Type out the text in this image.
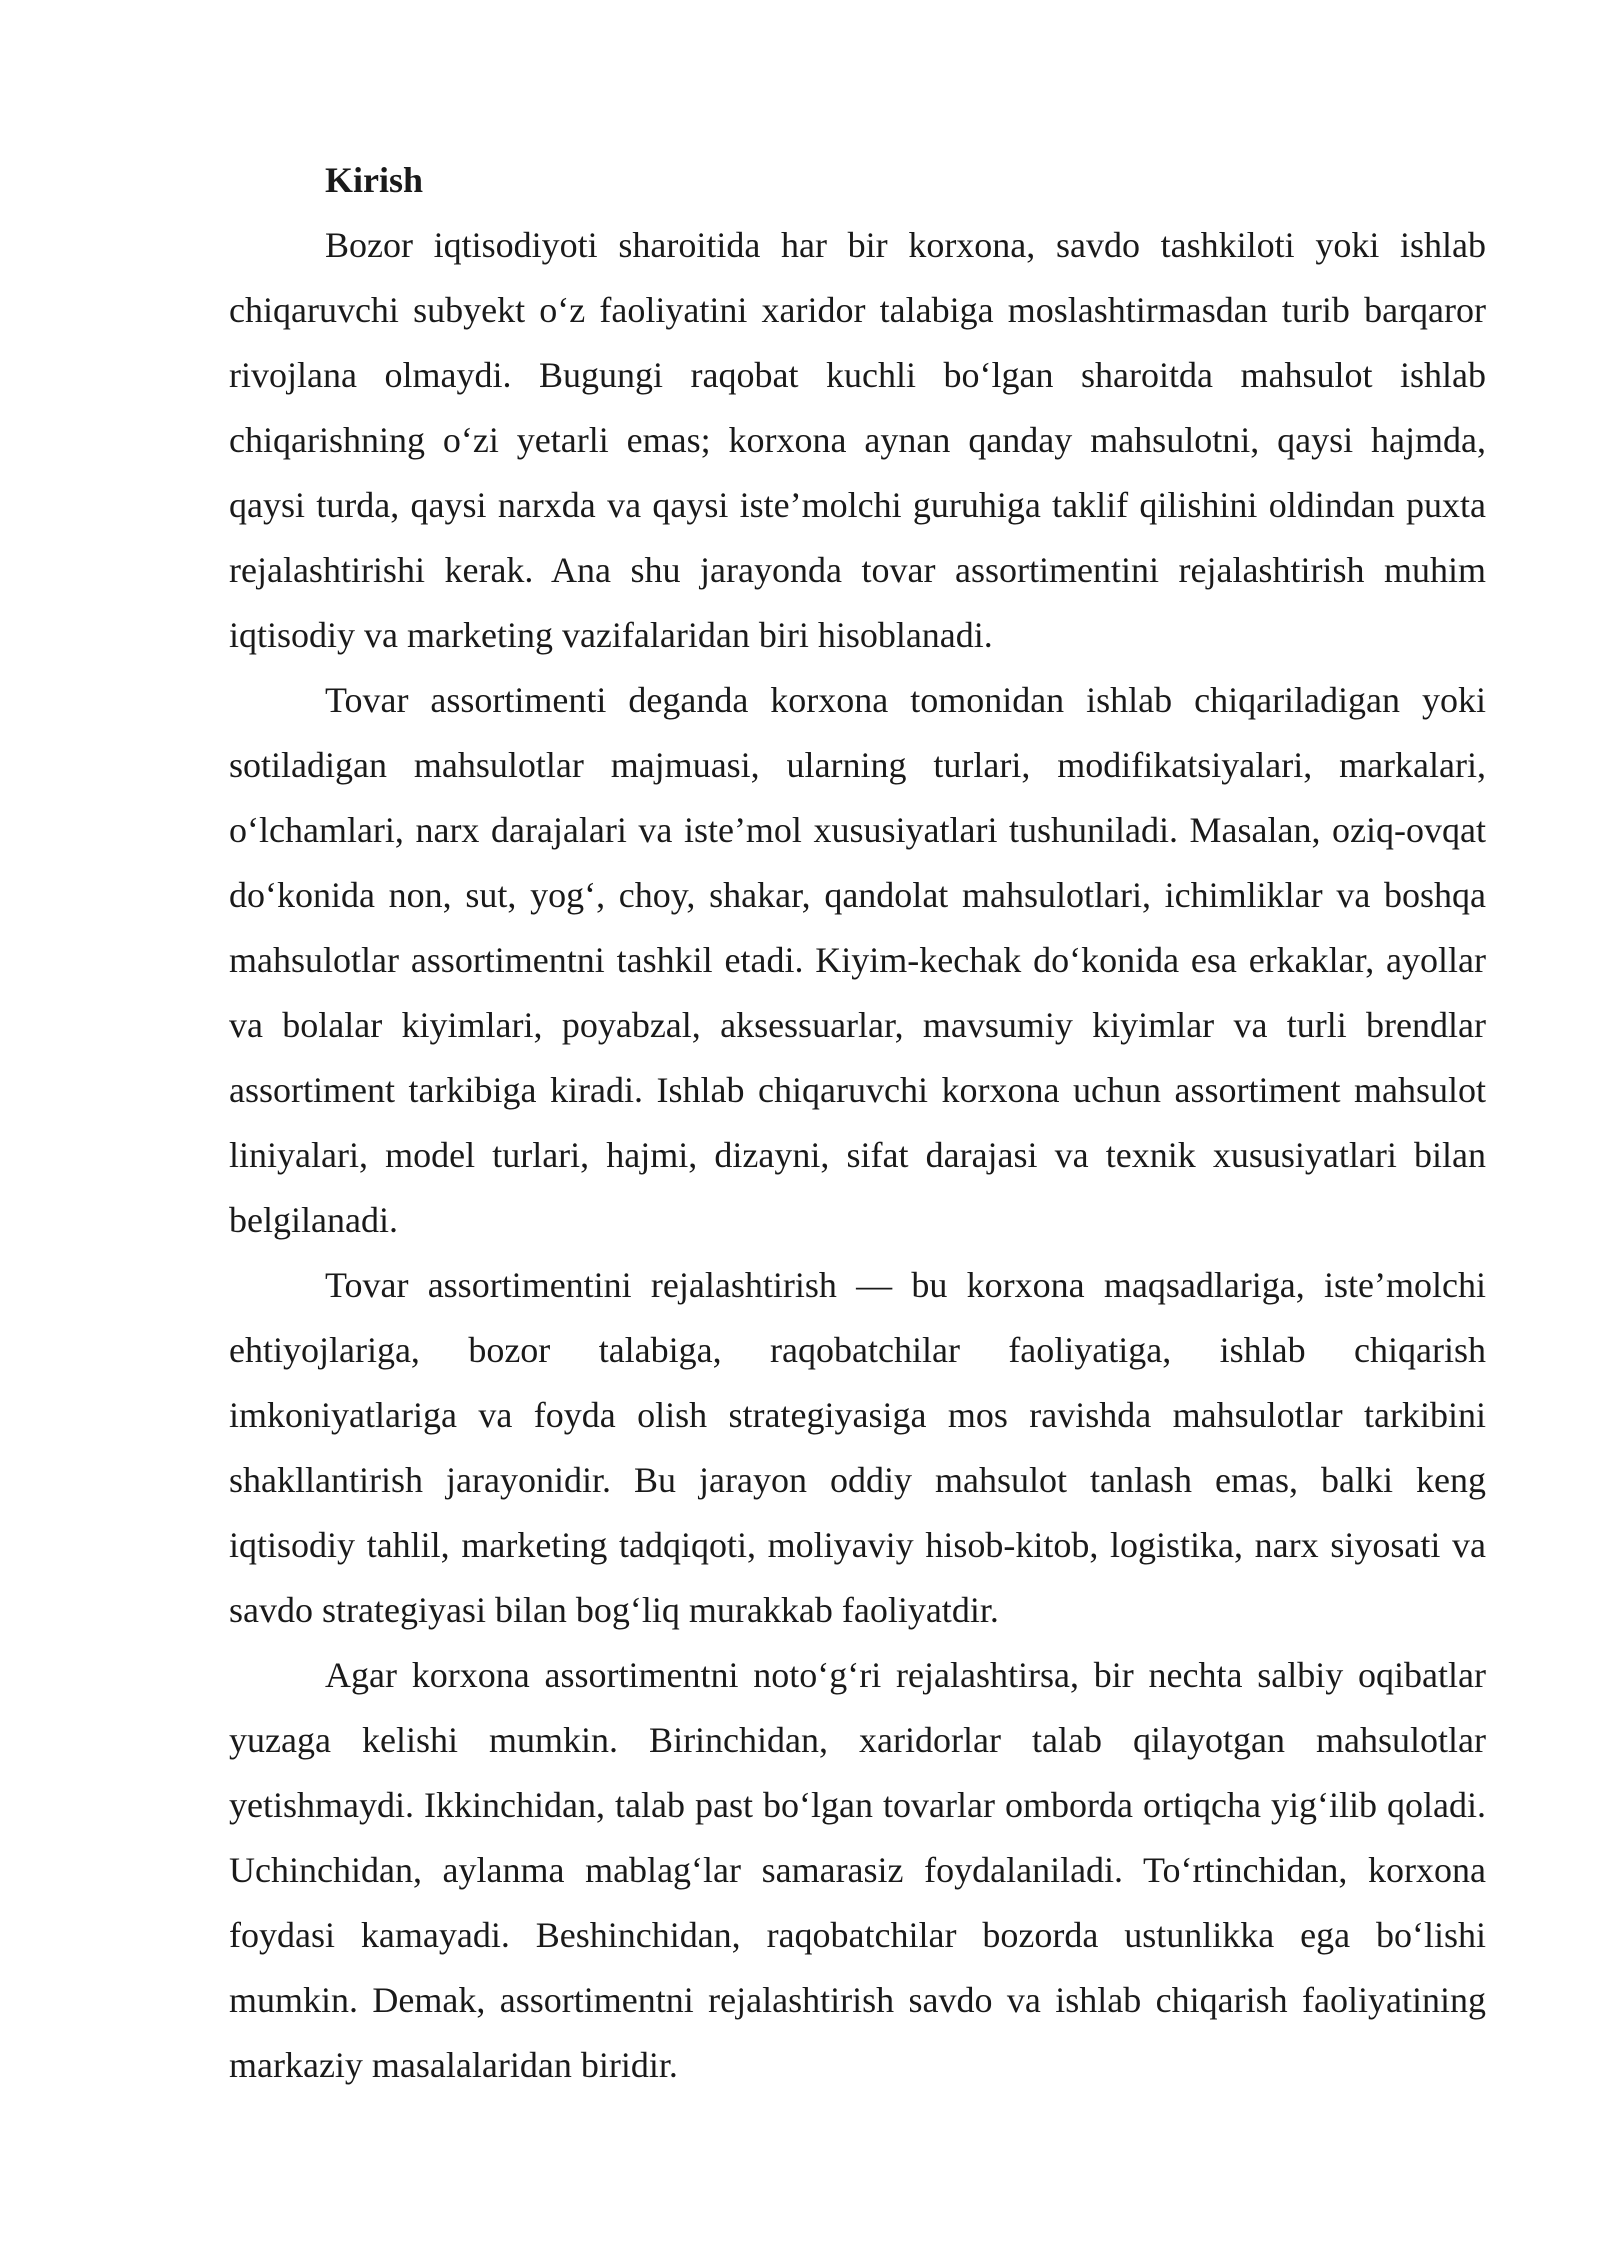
Kirish

Bozor iqtisodiyoti sharoitida har bir korxona, savdo tashkiloti yoki ishlab chiqaruvchi subyekt o‘z faoliyatini xaridor talabiga moslashtirmasdan turib barqaror rivojlana olmaydi. Bugungi raqobat kuchli bo‘lgan sharoitda mahsulot ishlab chiqarishning o‘zi yetarli emas; korxona aynan qanday mahsulotni, qaysi hajmda, qaysi turda, qaysi narxda va qaysi iste’molchi guruhiga taklif qilishini oldindan puxta rejalashtirishi kerak. Ana shu jarayonda tovar assortimentini rejalashtirish muhim iqtisodiy va marketing vazifalaridan biri hisoblanadi.

Tovar assortimenti deganda korxona tomonidan ishlab chiqariladigan yoki sotiladigan mahsulotlar majmuasi, ularning turlari, modifikatsiyalari, markalari, o‘lchamlari, narx darajalari va iste’mol xususiyatlari tushuniladi. Masalan, oziq-ovqat do‘konida non, sut, yog‘, choy, shakar, qandolat mahsulotlari, ichimliklar va boshqa mahsulotlar assortimentni tashkil etadi. Kiyim-kechak do‘konida esa erkaklar, ayollar va bolalar kiyimlari, poyabzal, aksessuarlar, mavsumiy kiyimlar va turli brendlar assortiment tarkibiga kiradi. Ishlab chiqaruvchi korxona uchun assortiment mahsulot liniyalari, model turlari, hajmi, dizayni, sifat darajasi va texnik xususiyatlari bilan belgilanadi.

Tovar assortimentini rejalashtirish — bu korxona maqsadlariga, iste’molchi ehtiyojlariga, bozor talabiga, raqobatchilar faoliyatiga, ishlab chiqarish imkoniyatlariga va foyda olish strategiyasiga mos ravishda mahsulotlar tarkibini shakllantirish jarayonidir. Bu jarayon oddiy mahsulot tanlash emas, balki keng iqtisodiy tahlil, marketing tadqiqoti, moliyaviy hisob-kitob, logistika, narx siyosati va savdo strategiyasi bilan bog‘liq murakkab faoliyatdir.

Agar korxona assortimentni noto‘g‘ri rejalashtirsa, bir nechta salbiy oqibatlar yuzaga kelishi mumkin. Birinchidan, xaridorlar talab qilayotgan mahsulotlar yetishmaydi. Ikkinchidan, talab past bo‘lgan tovarlar omborda ortiqcha yig‘ilib qoladi. Uchinchidan, aylanma mablag‘lar samarasiz foydalaniladi. To‘rtinchidan, korxona foydasi kamayadi. Beshinchidan, raqobatchilar bozorda ustunlikka ega bo‘lishi mumkin. Demak, assortimentni rejalashtirish savdo va ishlab chiqarish faoliyatining markaziy masalalaridan biridir.
